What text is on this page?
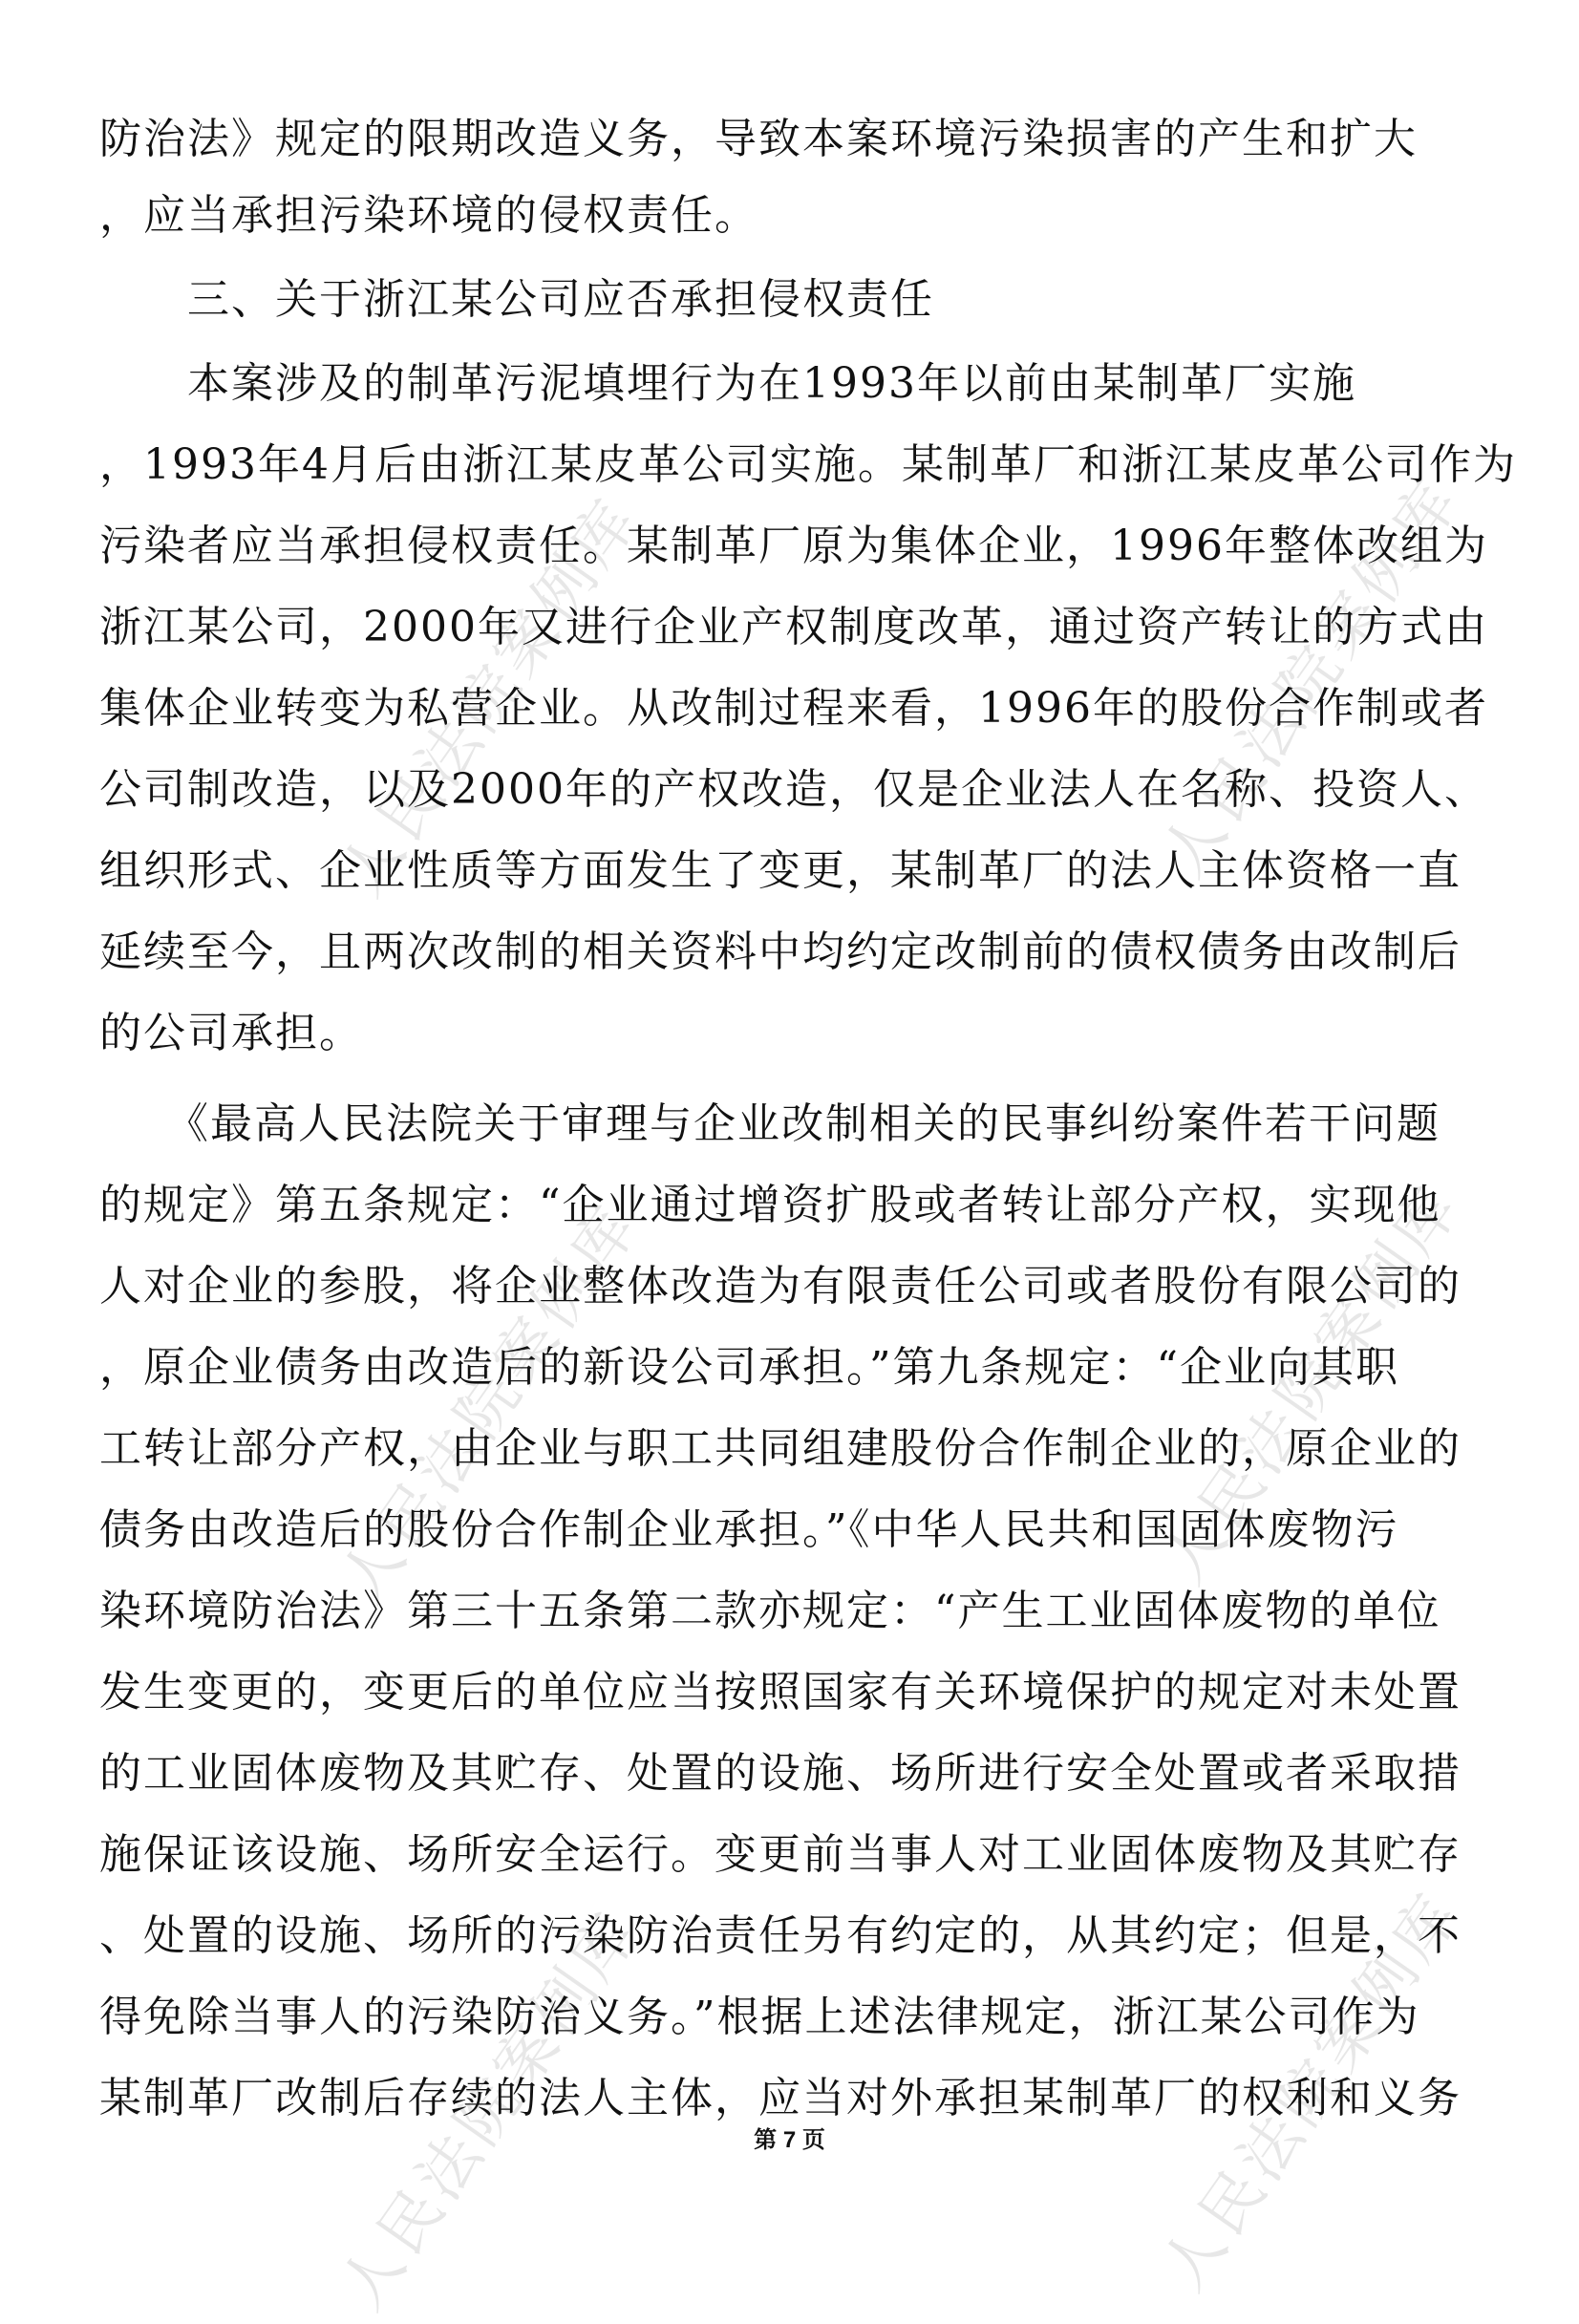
人民法院案例库	人民法院案例库
人民法院案例库	人民法院案例库
人民法院案例库	人民法院案例库
防治法》规定的限期改造义务，导致本案环境污染损害的产生和扩大
，应当承担污染环境的侵权责任。
　　三、关于浙江某公司应否承担侵权责任
　　本案涉及的制革污泥填埋行为在1993年以前由某制革厂实施
，1993年4月后由浙江某皮革公司实施。某制革厂和浙江某皮革公司作为
污染者应当承担侵权责任。某制革厂原为集体企业，1996年整体改组为
浙江某公司，2000年又进行企业产权制度改革，通过资产转让的方式由
集体企业转变为私营企业。从改制过程来看，1996年的股份合作制或者
公司制改造，以及2000年的产权改造，仅是企业法人在名称、投资人、
组织形式、企业性质等方面发生了变更，某制革厂的法人主体资格一直
延续至今，且两次改制的相关资料中均约定改制前的债权债务由改制后
的公司承担。
　　《最高人民法院关于审理与企业改制相关的民事纠纷案件若干问题
的规定》第五条规定：“企业通过增资扩股或者转让部分产权，实现他
人对企业的参股，将企业整体改造为有限责任公司或者股份有限公司的
，原企业债务由改造后的新设公司承担。”第九条规定：“企业向其职
工转让部分产权，由企业与职工共同组建股份合作制企业的，原企业的
债务由改造后的股份合作制企业承担。”《中华人民共和国固体废物污
染环境防治法》第三十五条第二款亦规定：“产生工业固体废物的单位
发生变更的，变更后的单位应当按照国家有关环境保护的规定对未处置
的工业固体废物及其贮存、处置的设施、场所进行安全处置或者采取措
施保证该设施、场所安全运行。变更前当事人对工业固体废物及其贮存
、处置的设施、场所的污染防治责任另有约定的，从其约定；但是，不
得免除当事人的污染防治义务。”根据上述法律规定，浙江某公司作为
某制革厂改制后存续的法人主体，应当对外承担某制革厂的权利和义务
第 7 页
